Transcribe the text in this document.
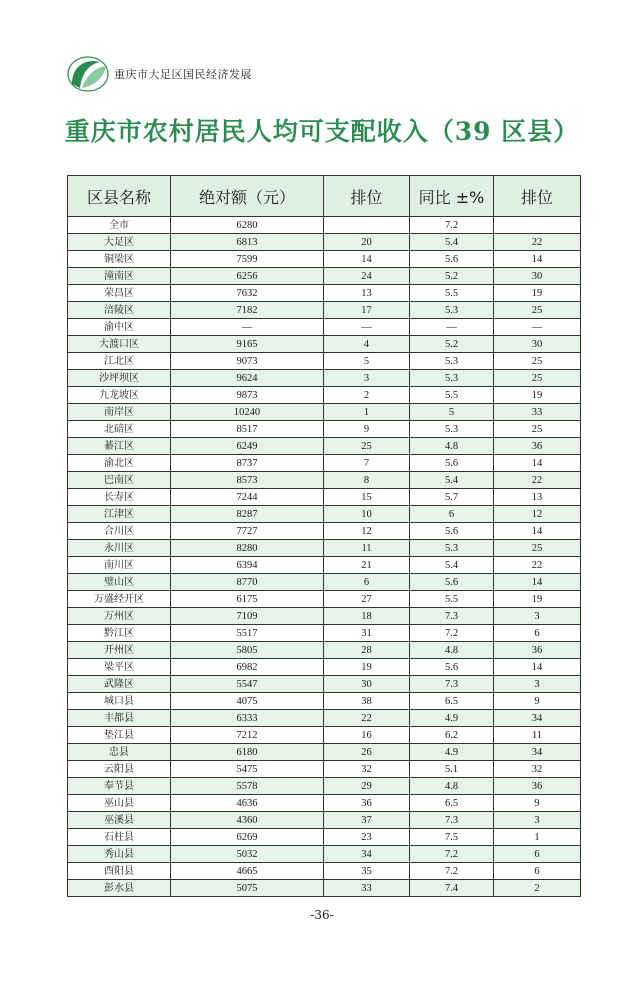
重庆市大足区国民经济发展
重庆市农村居民人均可支配收入（39 区县）
区县名称	绝对额（元）	排位	同比 ±%	排位
全市	6280		7.2	
大足区	6813	20	5.4	22
铜梁区	7599	14	5.6	14
潼南区	6256	24	5.2	30
荣昌区	7632	13	5.5	19
涪陵区	7182	17	5.3	25
渝中区	—	—	—	—
大渡口区	9165	4	5.2	30
江北区	9073	5	5.3	25
沙坪坝区	9624	3	5.3	25
九龙坡区	9873	2	5.5	19
南岸区	10240	1	5	33
北碚区	8517	9	5.3	25
綦江区	6249	25	4.8	36
渝北区	8737	7	5.6	14
巴南区	8573	8	5.4	22
长寿区	7244	15	5.7	13
江津区	8287	10	6	12
合川区	7727	12	5.6	14
永川区	8280	11	5.3	25
南川区	6394	21	5.4	22
璧山区	8770	6	5.6	14
万盛经开区	6175	27	5.5	19
万州区	7109	18	7.3	3
黔江区	5517	31	7.2	6
开州区	5805	28	4.8	36
梁平区	6982	19	5.6	14
武隆区	5547	30	7.3	3
城口县	4075	38	6.5	9
丰都县	6333	22	4.9	34
垫江县	7212	16	6.2	11
忠县	6180	26	4.9	34
云阳县	5475	32	5.1	32
奉节县	5578	29	4.8	36
巫山县	4636	36	6.5	9
巫溪县	4360	37	7.3	3
石柱县	6269	23	7.5	1
秀山县	5032	34	7.2	6
酉阳县	4665	35	7.2	6
彭水县	5075	33	7.4	2
-36-
